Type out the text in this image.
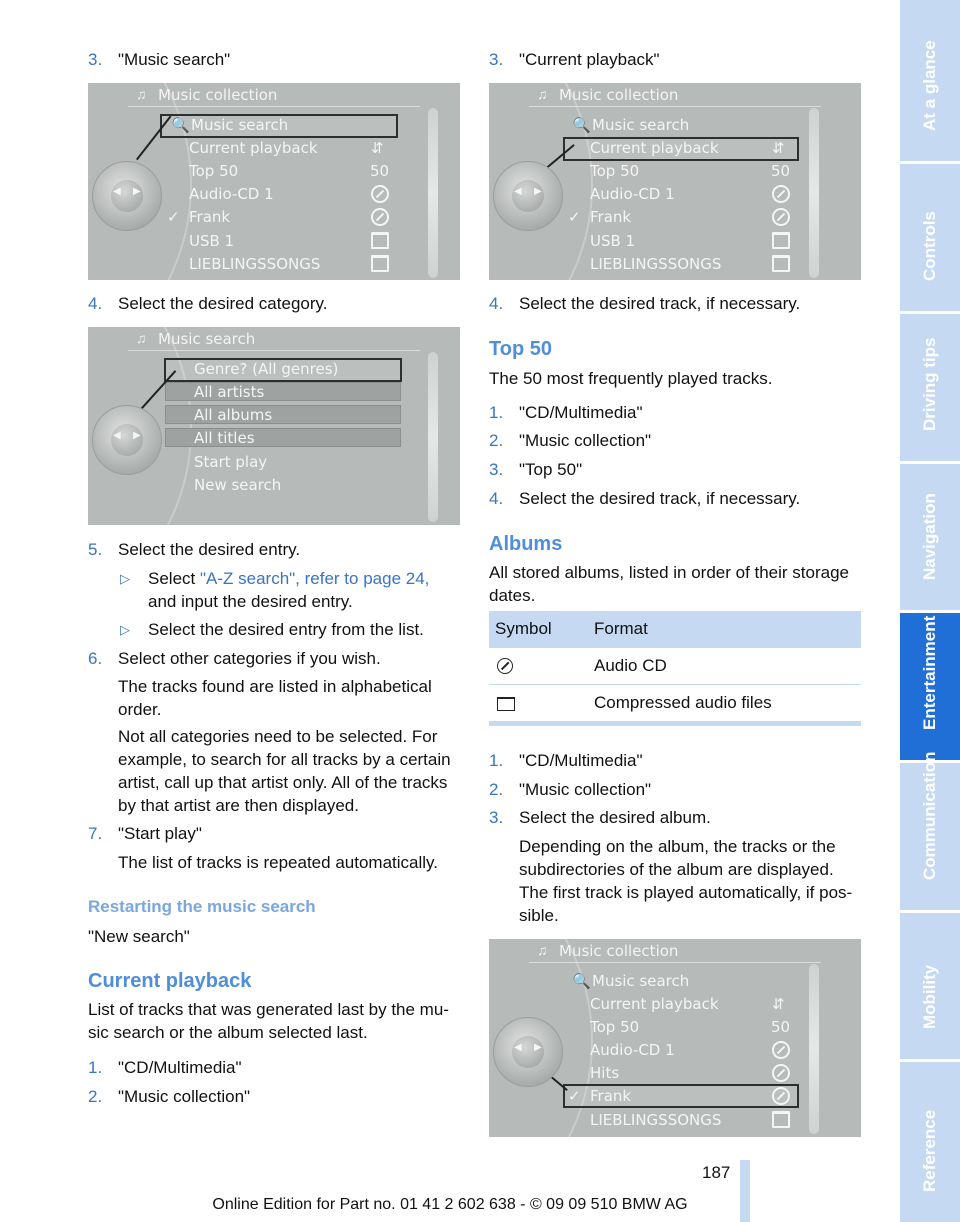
3. "Music search"
♫ Music collection
🔍 Music search
Current playback
Top 50
Audio-CD 1
✓ Frank
USB 1
LIEBLINGSSONGS
⇵
50
◀ ▶
4. Select the desired category.
♫ Music search
Genre? (All genres)
All artists
All albums
All titles
Start play
New search
◀ ▶
5. Select the desired entry.
▷ Select "A-Z search", refer to page 24,
and input the desired entry.
▷ Select the desired entry from the list.
6. Select other categories if you wish.
The tracks found are listed in alphabetical
order.
Not all categories need to be selected. For
example, to search for all tracks by a certain
artist, call up that artist only. All of the tracks
by that artist are then displayed.
7. "Start play"
The list of tracks is repeated automatically.
Restarting the music search
"New search"
Current playback
List of tracks that was generated last by the mu-
sic search or the album selected last.
1. "CD/Multimedia"
2. "Music collection"
3. "Current playback"
♫ Music collection
🔍 Music search
Current playback
Top 50
Audio-CD 1
✓ Frank
USB 1
LIEBLINGSSONGS
⇵
50
◀ ▶
4. Select the desired track, if necessary.
Top 50
The 50 most frequently played tracks.
1. "CD/Multimedia"
2. "Music collection"
3. "Top 50"
4. Select the desired track, if necessary.
Albums
All stored albums, listed in order of their storage
dates.
Symbol Format
Audio CD
Compressed audio files
1. "CD/Multimedia"
2. "Music collection"
3. Select the desired album.
Depending on the album, the tracks or the
subdirectories of the album are displayed.
The first track is played automatically, if pos-
sible.
♫ Music collection
🔍 Music search
Current playback
Top 50
Audio-CD 1
Hits
✓ Frank
LIEBLINGSSONGS
⇵
50
◀ ▶
187
Online Edition for Part no. 01 41 2 602 638 - © 09 09 510 BMW AG
At a glance
Controls
Driving tips
Navigation
Entertainment
Communication
Mobility
Reference
